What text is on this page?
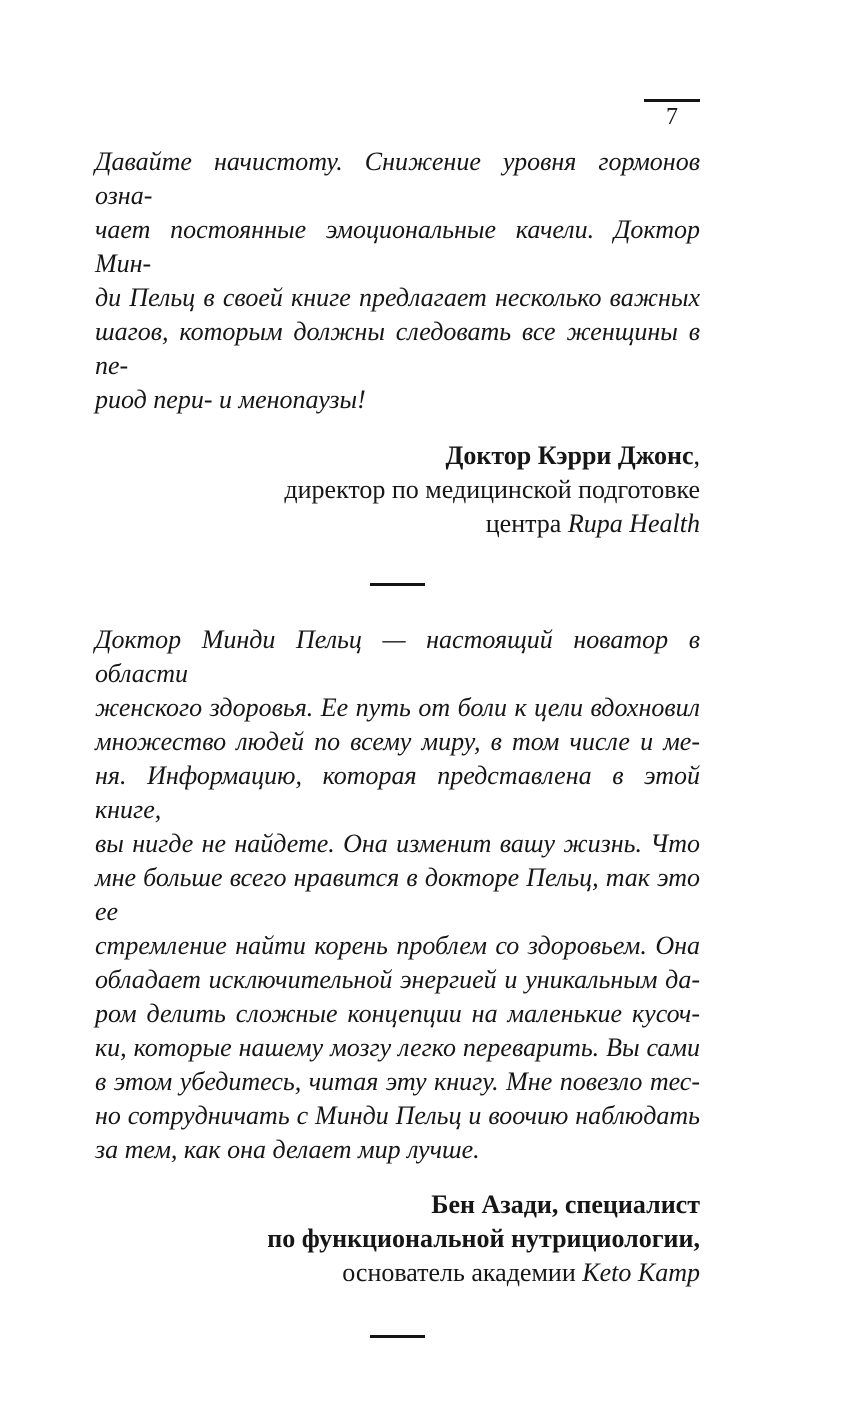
7
Давайте начистоту. Снижение уровня гормонов озна-
чает постоянные эмоциональные качели. Доктор Мин-
ди Пельц в своей книге предлагает несколько важных
шагов, которым должны следовать все женщины в пе-
риод пери- и менопаузы!
Доктор Кэрри Джонс,
директор по медицинской подготовке
центра Rupa Health
Доктор Минди Пельц — настоящий новатор в области
женского здоровья. Ее путь от боли к цели вдохновил
множество людей по всему миру, в том числе и ме-
ня. Информацию, которая представлена в этой книге,
вы нигде не найдете. Она изменит вашу жизнь. Что
мне больше всего нравится в докторе Пельц, так это ее
стремление найти корень проблем со здоровьем. Она
обладает исключительной энергией и уникальным да-
ром делить сложные концепции на маленькие кусоч-
ки, которые нашему мозгу легко переварить. Вы сами
в этом убедитесь, читая эту книгу. Мне повезло тес-
но сотрудничать с Минди Пельц и воочию наблюдать
за тем, как она делает мир лучше.
Бен Азади, специалист
по функциональной нутрициологии,
основатель академии Keto Kamp
